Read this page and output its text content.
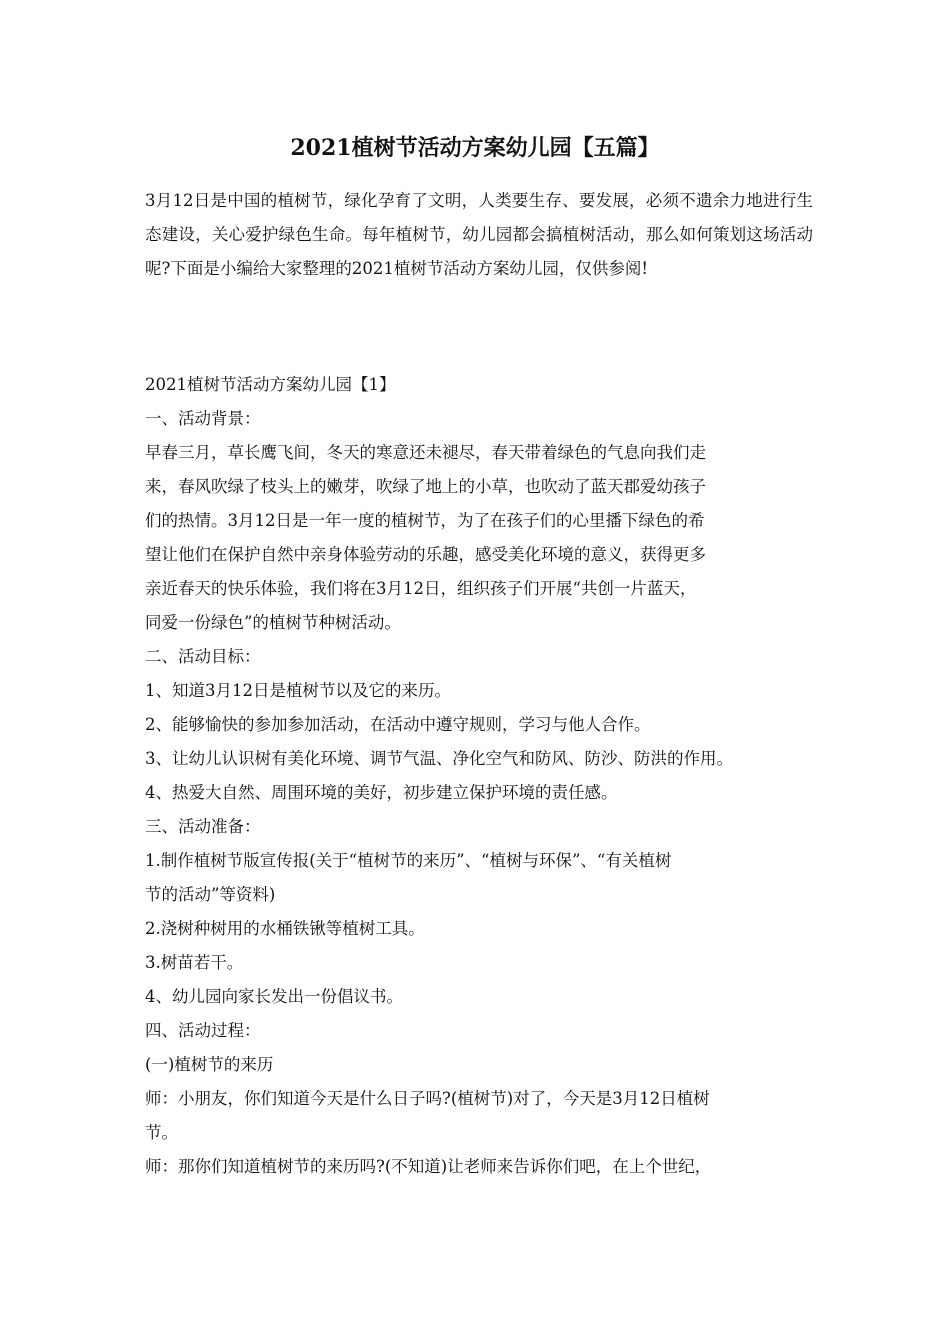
2021植树节活动方案幼儿园【五篇】

3月12日是中国的植树节，绿化孕育了文明，人类要生存、要发展，必须不遗余力地进行生态建设，关心爱护绿色生命。每年植树节，幼儿园都会搞植树活动，那么如何策划这场活动呢?下面是小编给大家整理的2021植树节活动方案幼儿园，仅供参阅!

2021植树节活动方案幼儿园【1】

一、活动背景：

早春三月，草长鹰飞间，冬天的寒意还未褪尽，春天带着绿色的气息向我们走

来，春风吹绿了枝头上的嫩芽，吹绿了地上的小草，也吹动了蓝天郡爱幼孩子

们的热情。3月12日是一年一度的植树节，为了在孩子们的心里播下绿色的希

望让他们在保护自然中亲身体验劳动的乐趣，感受美化环境的意义，获得更多

亲近春天的快乐体验，我们将在3月12日，组织孩子们开展“共创一片蓝天，

同爱一份绿色”的植树节种树活动。

二、活动目标：

1、知道3月12日是植树节以及它的来历。

2、能够愉快的参加参加活动，在活动中遵守规则，学习与他人合作。

3、让幼儿认识树有美化环境、调节气温、净化空气和防风、防沙、防洪的作用。

4、热爱大自然、周围环境的美好，初步建立保护环境的责任感。

三、活动准备：

1.制作植树节版宣传报(关于“植树节的来历”、“植树与环保”、“有关植树

节的活动”等资料)

2.浇树种树用的水桶铁锹等植树工具。

3.树苗若干。

4、幼儿园向家长发出一份倡议书。

四、活动过程：

(一)植树节的来历

师：小朋友，你们知道今天是什么日子吗?(植树节)对了，今天是3月12日植树

节。

师：那你们知道植树节的来历吗?(不知道)让老师来告诉你们吧，在上个世纪，
